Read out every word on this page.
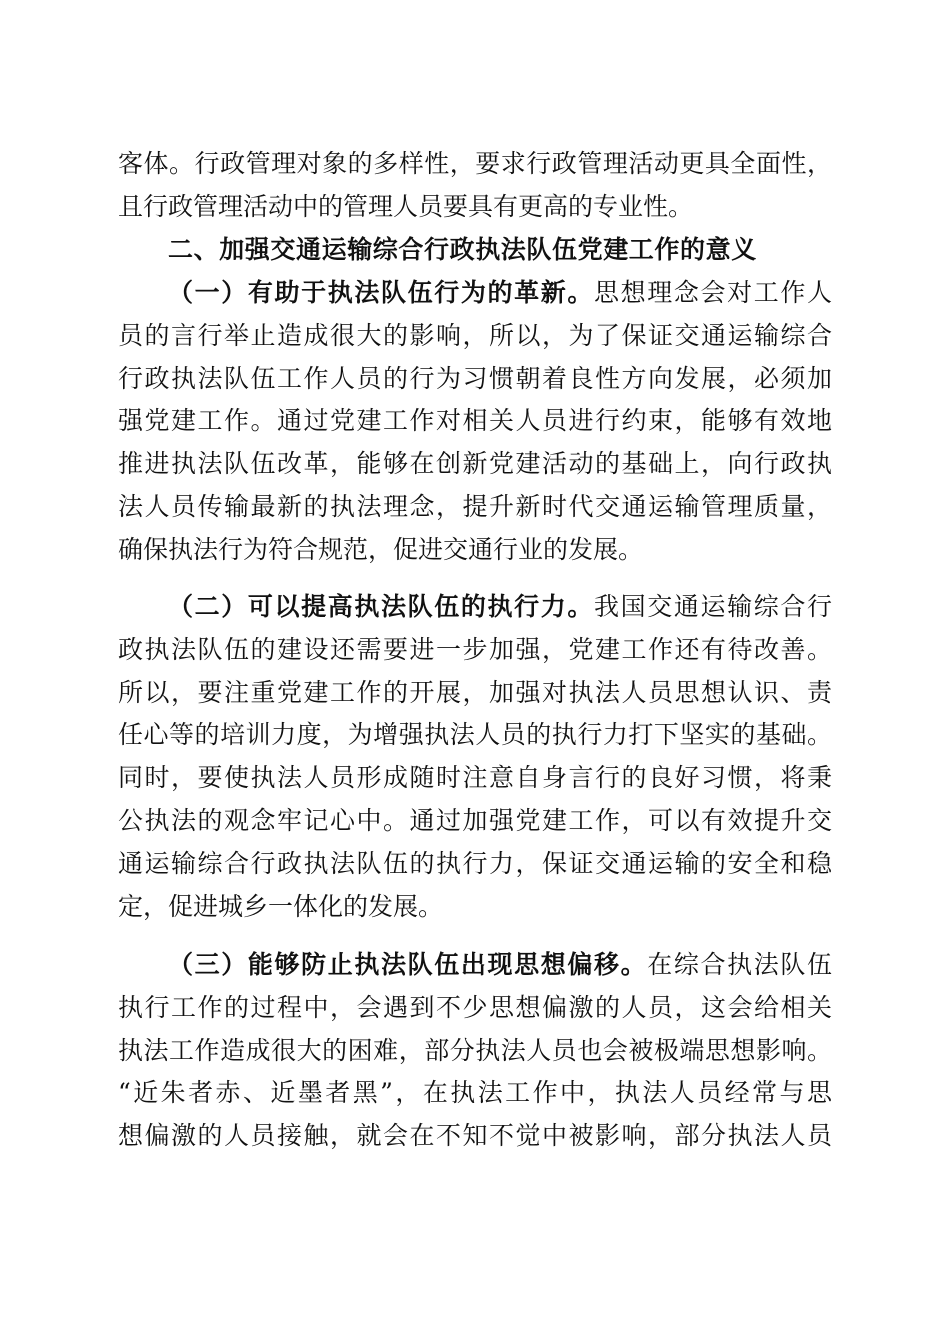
客体。行政管理对象的多样性，要求行政管理活动更具全面性，
且行政管理活动中的管理人员要具有更高的专业性。
二、加强交通运输综合行政执法队伍党建工作的意义
（一）有助于执法队伍行为的革新。思想理念会对工作人
员的言行举止造成很大的影响，所以，为了保证交通运输综合
行政执法队伍工作人员的行为习惯朝着良性方向发展，必须加
强党建工作。通过党建工作对相关人员进行约束，能够有效地
推进执法队伍改革，能够在创新党建活动的基础上，向行政执
法人员传输最新的执法理念，提升新时代交通运输管理质量，
确保执法行为符合规范，促进交通行业的发展。
（二）可以提高执法队伍的执行力。我国交通运输综合行
政执法队伍的建设还需要进一步加强，党建工作还有待改善。
所以，要注重党建工作的开展，加强对执法人员思想认识、责
任心等的培训力度，为增强执法人员的执行力打下坚实的基础。
同时，要使执法人员形成随时注意自身言行的良好习惯，将秉
公执法的观念牢记心中。通过加强党建工作，可以有效提升交
通运输综合行政执法队伍的执行力，保证交通运输的安全和稳
定，促进城乡一体化的发展。
（三）能够防止执法队伍出现思想偏移。在综合执法队伍
执行工作的过程中，会遇到不少思想偏激的人员，这会给相关
执法工作造成很大的困难，部分执法人员也会被极端思想影响。
“近朱者赤、近墨者黑”，在执法工作中，执法人员经常与思
想偏激的人员接触，就会在不知不觉中被影响，部分执法人员
